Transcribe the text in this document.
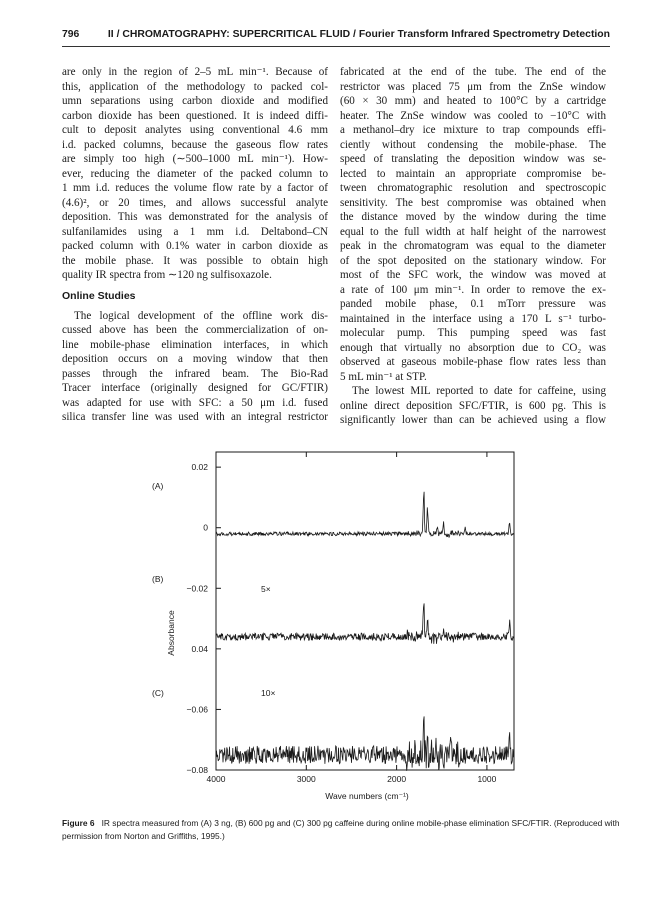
796	II / CHROMATOGRAPHY: SUPERCRITICAL FLUID / Fourier Transform Infrared Spectrometry Detection

are only in the region of 2–5 mL min⁻¹. Because of
this, application of the methodology to packed col-
umn separations using carbon dioxide and modified
carbon dioxide has been questioned. It is indeed diffi-
cult to deposit analytes using conventional 4.6 mm
i.d. packed columns, because the gaseous flow rates
are simply too high (∼500–1000 mL min⁻¹). How-
ever, reducing the diameter of the packed column to
1 mm i.d. reduces the volume flow rate by a factor of
(4.6)², or 20 times, and allows successful analyte
deposition. This was demonstrated for the analysis of
sulfanilamides using a 1 mm i.d. Deltabond–CN
packed column with 0.1% water in carbon dioxide as
the mobile phase. It was possible to obtain high
quality IR spectra from ∼120 ng sulfisoxazole.

Online Studies

The logical development of the offline work dis-
cussed above has been the commercialization of on-
line mobile-phase elimination interfaces, in which
deposition occurs on a moving window that then
passes through the infrared beam. The Bio-Rad
Tracer interface (originally designed for GC/FTIR)
was adapted for use with SFC: a 50 μm i.d. fused
silica transfer line was used with an integral restrictor

fabricated at the end of the tube. The end of the
restrictor was placed 75 μm from the ZnSe window
(60 × 30 mm) and heated to 100°C by a cartridge
heater. The ZnSe window was cooled to −10°C with
a methanol–dry ice mixture to trap compounds effi-
ciently without condensing the mobile-phase. The
speed of translating the deposition window was se-
lected to maintain an appropriate compromise be-
tween chromatographic resolution and spectroscopic
sensitivity. The best compromise was obtained when
the distance moved by the window during the time
equal to the full width at half height of the narrowest
peak in the chromatogram was equal to the diameter
of the spot deposited on the stationary window. For
most of the SFC work, the window was moved at
a rate of 100 μm min⁻¹. In order to remove the ex-
panded mobile phase, 0.1 mTorr pressure was
maintained in the interface using a 170 L s⁻¹ turbo-
molecular pump. This pumping speed was fast
enough that virtually no absorption due to CO₂ was
observed at gaseous mobile-phase flow rates less than
5 mL min⁻¹ at STP.

The lowest MIL reported to date for caffeine, using
online direct deposition SFC/FTIR, is 600 pg. This is
significantly lower than can be achieved using a flow

4000	3000	2000	1000
0.02
0
−0.02
0.04
−0.06
−0.08
(A)
(B)
(C)
5×
10×
Absorbance
Wave numbers (cm⁻¹)
Figure 6 IR spectra measured from (A) 3 ng, (B) 600 pg and (C) 300 pg caffeine during online mobile-phase elimination SFC/FTIR. (Reproduced with permission from Norton and Griffiths, 1995.)
